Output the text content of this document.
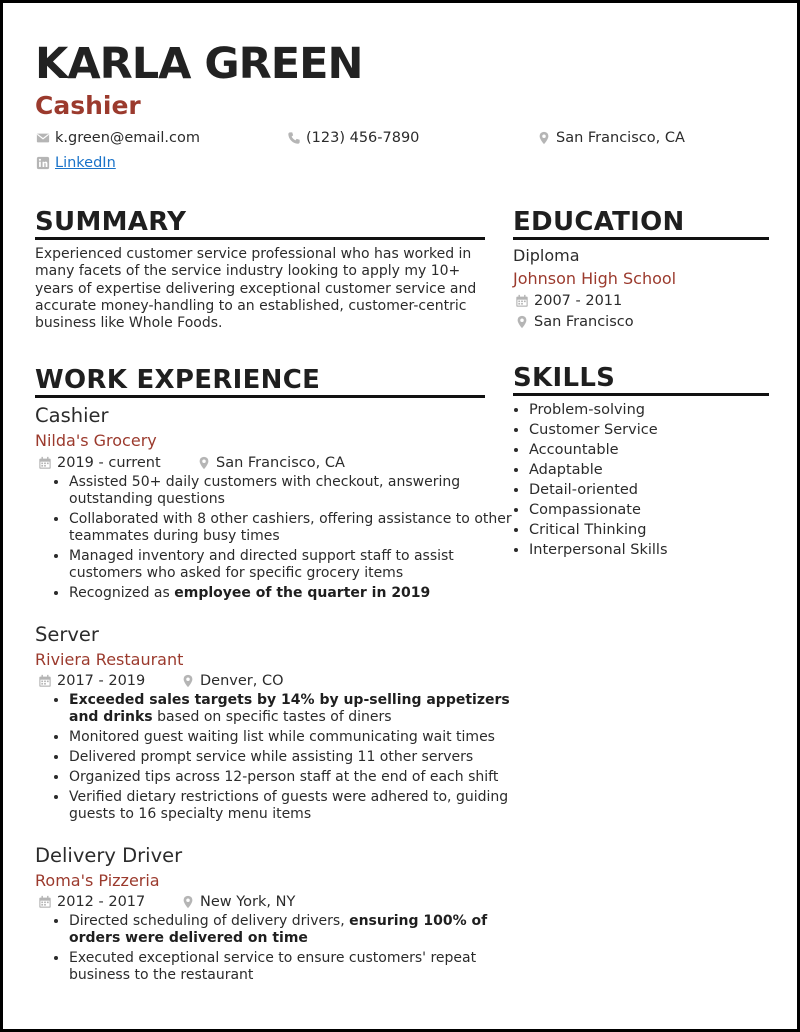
KARLA GREEN
Cashier
k.green@email.com	(123) 456-7890	San Francisco, CA
LinkedIn
SUMMARY

Experienced customer service professional who has worked in many facets of the service industry looking to apply my 10+ years of expertise delivering exceptional customer service and accurate money-handling to an established, customer-centric business like Whole Foods.

WORK EXPERIENCE
Cashier
Nilda's Grocery
2019 - current	San Francisco, CA
• Assisted 50+ daily customers with checkout, answering outstanding questions
• Collaborated with 8 other cashiers, offering assistance to other teammates during busy times
• Managed inventory and directed support staff to assist customers who asked for specific grocery items
• Recognized as employee of the quarter in 2019
Server
Riviera Restaurant
2017 - 2019	Denver, CO
• Exceeded sales targets by 14% by up-selling appetizers and drinks based on specific tastes of diners
• Monitored guest waiting list while communicating wait times
• Delivered prompt service while assisting 11 other servers
• Organized tips across 12-person staff at the end of each shift
• Verified dietary restrictions of guests were adhered to, guiding guests to 16 specialty menu items
Delivery Driver
Roma's Pizzeria
2012 - 2017	New York, NY
• Directed scheduling of delivery drivers, ensuring 100% of orders were delivered on time
• Executed exceptional service to ensure customers' repeat business to the restaurant
EDUCATION
Diploma
Johnson High School
2007 - 2011
San Francisco
SKILLS
• Problem-solving
• Customer Service
• Accountable
• Adaptable
• Detail-oriented
• Compassionate
• Critical Thinking
• Interpersonal Skills
